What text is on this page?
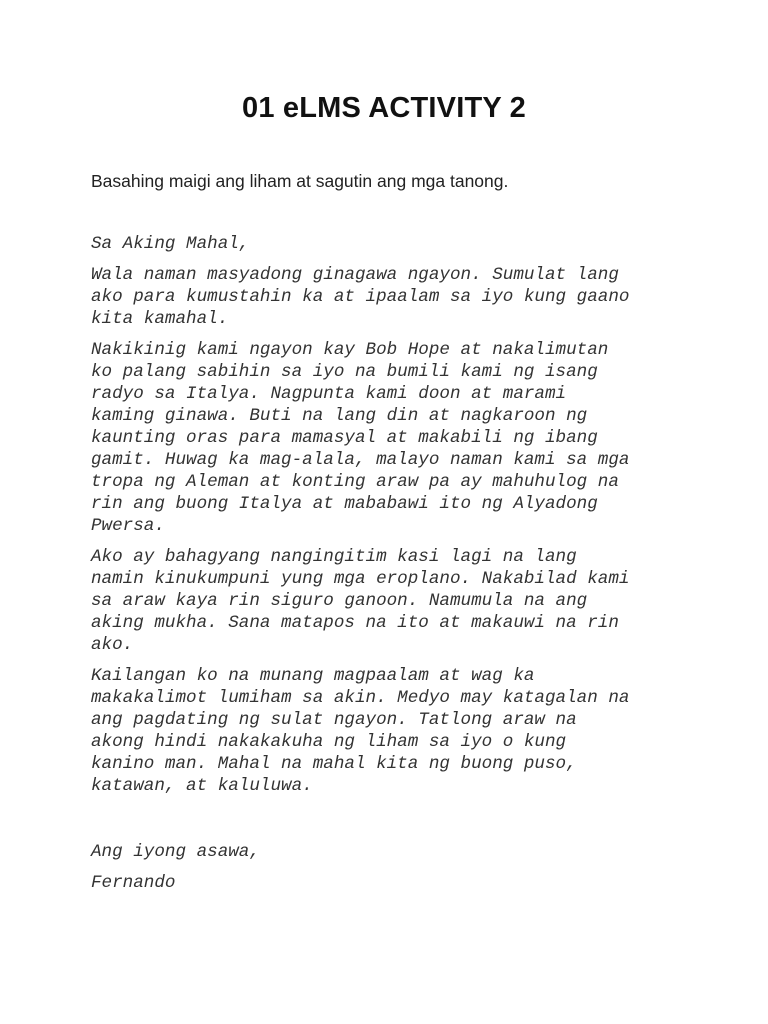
01 eLMS ACTIVITY 2

Basahing maigi ang liham at sagutin ang mga tanong.

Sa Aking Mahal,

Wala naman masyadong ginagawa ngayon. Sumulat lang

ako para kumustahin ka at ipaalam sa iyo kung gaano

kita kamahal.

Nakikinig kami ngayon kay Bob Hope at nakalimutan

ko palang sabihin sa iyo na bumili kami ng isang

radyo sa Italya. Nagpunta kami doon at marami

kaming ginawa. Buti na lang din at nagkaroon ng

kaunting oras para mamasyal at makabili ng ibang

gamit. Huwag ka mag-alala, malayo naman kami sa mga

tropa ng Aleman at konting araw pa ay mahuhulog na

rin ang buong Italya at mababawi ito ng Alyadong

Pwersa.

Ako ay bahagyang nangingitim kasi lagi na lang

namin kinukumpuni yung mga eroplano. Nakabilad kami

sa araw kaya rin siguro ganoon. Namumula na ang

aking mukha. Sana matapos na ito at makauwi na rin

ako.

Kailangan ko na munang magpaalam at wag ka

makakalimot lumiham sa akin. Medyo may katagalan na

ang pagdating ng sulat ngayon. Tatlong araw na

akong hindi nakakakuha ng liham sa iyo o kung

kanino man. Mahal na mahal kita ng buong puso,

katawan, at kaluluwa.

Ang iyong asawa,

Fernando
